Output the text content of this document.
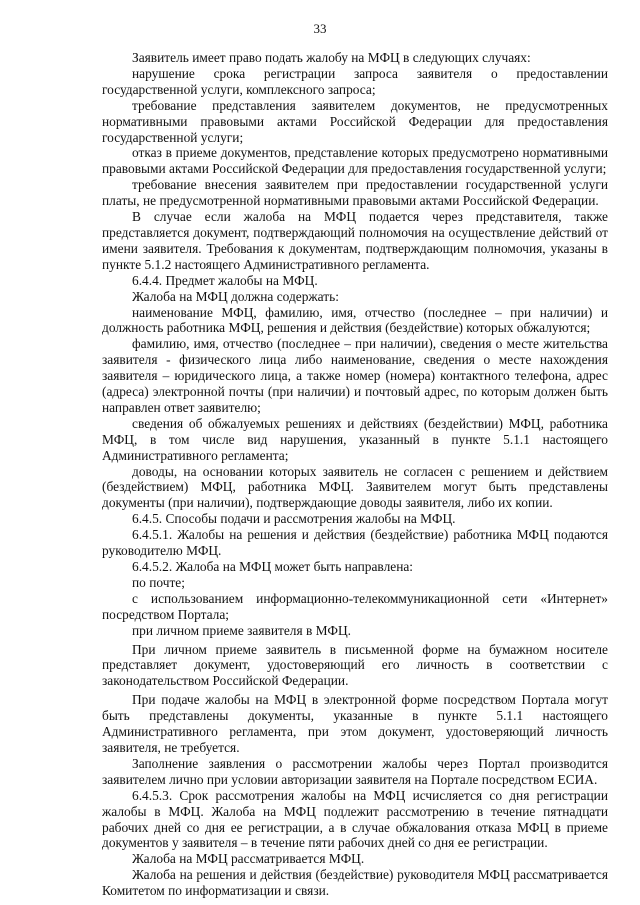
33
Заявитель имеет право подать жалобу на МФЦ в следующих случаях:
нарушение срока регистрации запроса заявителя о предоставлении государственной услуги, комплексного запроса;
требование представления заявителем документов, не предусмотренных нормативными правовыми актами Российской Федерации для предоставления государственной услуги;
отказ в приеме документов, представление которых предусмотрено нормативными правовыми актами Российской Федерации для предоставления государственной услуги;
требование внесения заявителем при предоставлении государственной услуги платы, не предусмотренной нормативными правовыми актами Российской Федерации.
В случае если жалоба на МФЦ подается через представителя, также представляется документ, подтверждающий полномочия на осуществление действий от имени заявителя. Требования к документам, подтверждающим полномочия, указаны в пункте 5.1.2 настоящего Административного регламента.
6.4.4. Предмет жалобы на МФЦ.
Жалоба на МФЦ должна содержать:
наименование МФЦ, фамилию, имя, отчество (последнее – при наличии) и должность работника МФЦ, решения и действия (бездействие) которых обжалуются;
фамилию, имя, отчество (последнее – при наличии), сведения о месте жительства заявителя - физического лица либо наименование, сведения о месте нахождения заявителя – юридического лица, а также номер (номера) контактного телефона, адрес (адреса) электронной почты (при наличии) и почтовый адрес, по которым должен быть направлен ответ заявителю;
сведения об обжалуемых решениях и действиях (бездействии) МФЦ, работника МФЦ, в том числе вид нарушения, указанный в пункте 5.1.1 настоящего Административного регламента;
доводы, на основании которых заявитель не согласен с решением и действием (бездействием) МФЦ, работника МФЦ. Заявителем могут быть представлены документы (при наличии), подтверждающие доводы заявителя, либо их копии.
6.4.5. Способы подачи и рассмотрения жалобы на МФЦ.
6.4.5.1. Жалобы на решения и действия (бездействие) работника МФЦ подаются руководителю МФЦ.
6.4.5.2. Жалоба на МФЦ может быть направлена:
по почте;
с использованием информационно-телекоммуникационной сети «Интернет» посредством Портала;
при личном приеме заявителя в МФЦ.
При личном приеме заявитель в письменной форме на бумажном носителе представляет документ, удостоверяющий его личность в соответствии с законодательством Российской Федерации.
При подаче жалобы на МФЦ в электронной форме посредством Портала могут быть представлены документы, указанные в пункте 5.1.1 настоящего Административного регламента, при этом документ, удостоверяющий личность заявителя, не требуется.
Заполнение заявления о рассмотрении жалобы через Портал производится заявителем лично при условии авторизации заявителя на Портале посредством ЕСИА.
6.4.5.3. Срок рассмотрения жалобы на МФЦ исчисляется со дня регистрации жалобы в МФЦ. Жалоба на МФЦ подлежит рассмотрению в течение пятнадцати рабочих дней со дня ее регистрации, а в случае обжалования отказа МФЦ в приеме документов у заявителя – в течение пяти рабочих дней со дня ее регистрации.
Жалоба на МФЦ рассматривается МФЦ.
Жалоба на решения и действия (бездействие) руководителя МФЦ рассматривается Комитетом по информатизации и связи.
